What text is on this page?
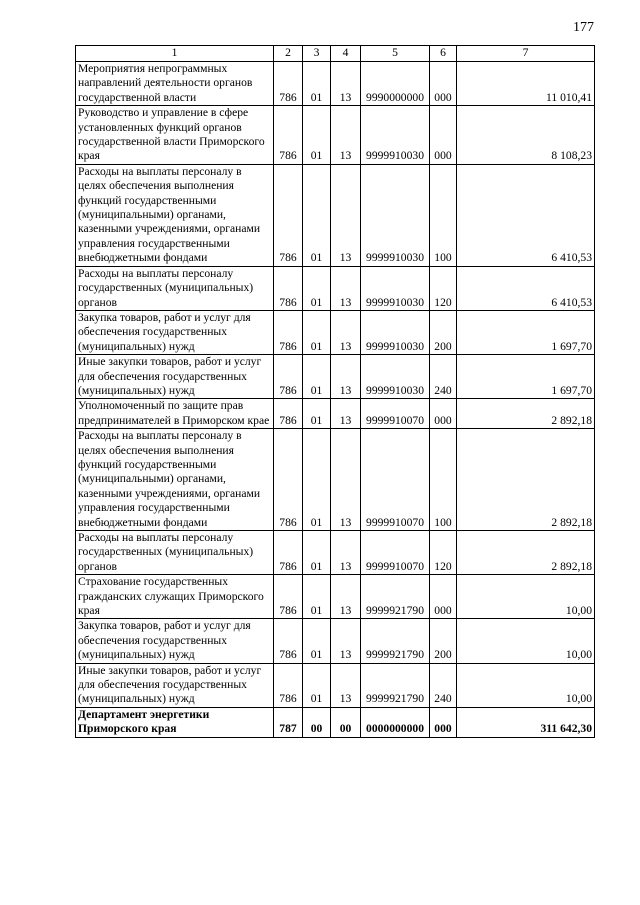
177
1	2	3	4	5	6	7
Мероприятия непрограммных направлений деятельности органов государственной власти	786	01	13	9990000000	000	11 010,41
Руководство и управление в сфере установленных функций органов государственной власти Приморского края	786	01	13	9999910030	000	8 108,23
Расходы на выплаты персоналу в целях обеспечения выполнения функций государственными (муниципальными) органами, казенными учреждениями, органами управления государственными внебюджетными фондами	786	01	13	9999910030	100	6 410,53
Расходы на выплаты персоналу государственных (муниципальных) органов	786	01	13	9999910030	120	6 410,53
Закупка товаров, работ и услуг для обеспечения государственных (муниципальных) нужд	786	01	13	9999910030	200	1 697,70
Иные закупки товаров, работ и услуг для обеспечения государственных (муниципальных) нужд	786	01	13	9999910030	240	1 697,70
Уполномоченный по защите прав предпринимателей в Приморском крае	786	01	13	9999910070	000	2 892,18
Расходы на выплаты персоналу в целях обеспечения выполнения функций государственными (муниципальными) органами, казенными учреждениями, органами управления государственными внебюджетными фондами	786	01	13	9999910070	100	2 892,18
Расходы на выплаты персоналу государственных (муниципальных) органов	786	01	13	9999910070	120	2 892,18
Страхование государственных гражданских служащих Приморского края	786	01	13	9999921790	000	10,00
Закупка товаров, работ и услуг для обеспечения государственных (муниципальных) нужд	786	01	13	9999921790	200	10,00
Иные закупки товаров, работ и услуг для обеспечения государственных (муниципальных) нужд	786	01	13	9999921790	240	10,00
Департамент энергетики Приморского края	787	00	00	0000000000	000	311 642,30
